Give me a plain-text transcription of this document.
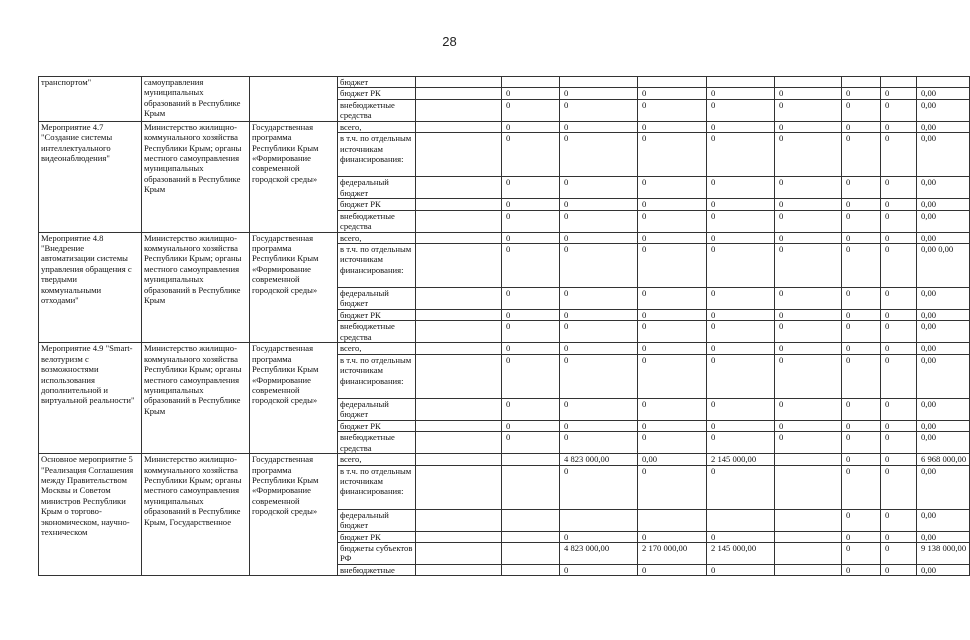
28
транспортом"	самоуправления муниципальных образований в Республике Крым		бюджет									
			бюджет РК		0	0	0	0	0	0	0	0,00
			внебюджетные средства		0	0	0	0	0	0	0	0,00
Мероприятие 4.7 "Создание системы интеллектуального видеонаблюдения"	Министерство жилищно-коммунального хозяйства Республики Крым; органы местного самоуправления муниципальных образований в Республике Крым	Государственная программа Республики Крым «Формирование современной городской среды»	всего,		0	0	0	0	0	0	0	0,00
			в т.ч. по отдельным источникам финансирования:		0	0	0	0	0	0	0	0,00
			федеральный бюджет		0	0	0	0	0	0	0	0,00
			бюджет РК		0	0	0	0	0	0	0	0,00
			внебюджетные средства		0	0	0	0	0	0	0	0,00
Мероприятие 4.8 "Внедрение автоматизации системы управления обращения с твердыми коммунальными отходами"	Министерство жилищно-коммунального хозяйства Республики Крым; органы местного самоуправления муниципальных образований в Республике Крым	Государственная программа Республики Крым «Формирование современной городской среды»	всего,		0	0	0	0	0	0	0	0,00
			в т.ч. по отдельным источникам финансирования:		0	0	0	0	0	0	0	0,00 0,00
			федеральный бюджет		0	0	0	0	0	0	0	0,00
			бюджет РК		0	0	0	0	0	0	0	0,00
			внебюджетные средства		0	0	0	0	0	0	0	0,00
Мероприятие 4.9 "Smart-велотуризм с возможностями использования дополнительной и виртуальной реальности"	Министерство жилищно-коммунального хозяйства Республики Крым; органы местного самоуправления муниципальных образований в Республике Крым	Государственная программа Республики Крым «Формирование современной городской среды»	всего,		0	0	0	0	0	0	0	0,00
			в т.ч. по отдельным источникам финансирования:		0	0	0	0	0	0	0	0,00
			федеральный бюджет		0	0	0	0	0	0	0	0,00
			бюджет РК		0	0	0	0	0	0	0	0,00
			внебюджетные средства		0	0	0	0	0	0	0	0,00
Основное мероприятие 5 "Реализация Соглашения между Правительством Москвы и Советом министров Республики Крым о торгово-экономическом, научно-техническом	Министерство жилищно-коммунального хозяйства Республики Крым; органы местного самоуправления муниципальных образований в Республике Крым, Государственное	Государственная программа Республики Крым «Формирование современной городской среды»	всего,			4 823 000,00	0,00	2 145 000,00		0	0	6 968 000,00
			в т.ч. по отдельным источникам финансирования:			0	0	0		0	0	0,00
			федеральный бюджет							0	0	0,00
			бюджет РК			0	0	0		0	0	0,00
			бюджеты субъектов РФ			4 823 000,00	2 170 000,00	2 145 000,00		0	0	9 138 000,00
			внебюджетные			0	0	0		0	0	0,00
